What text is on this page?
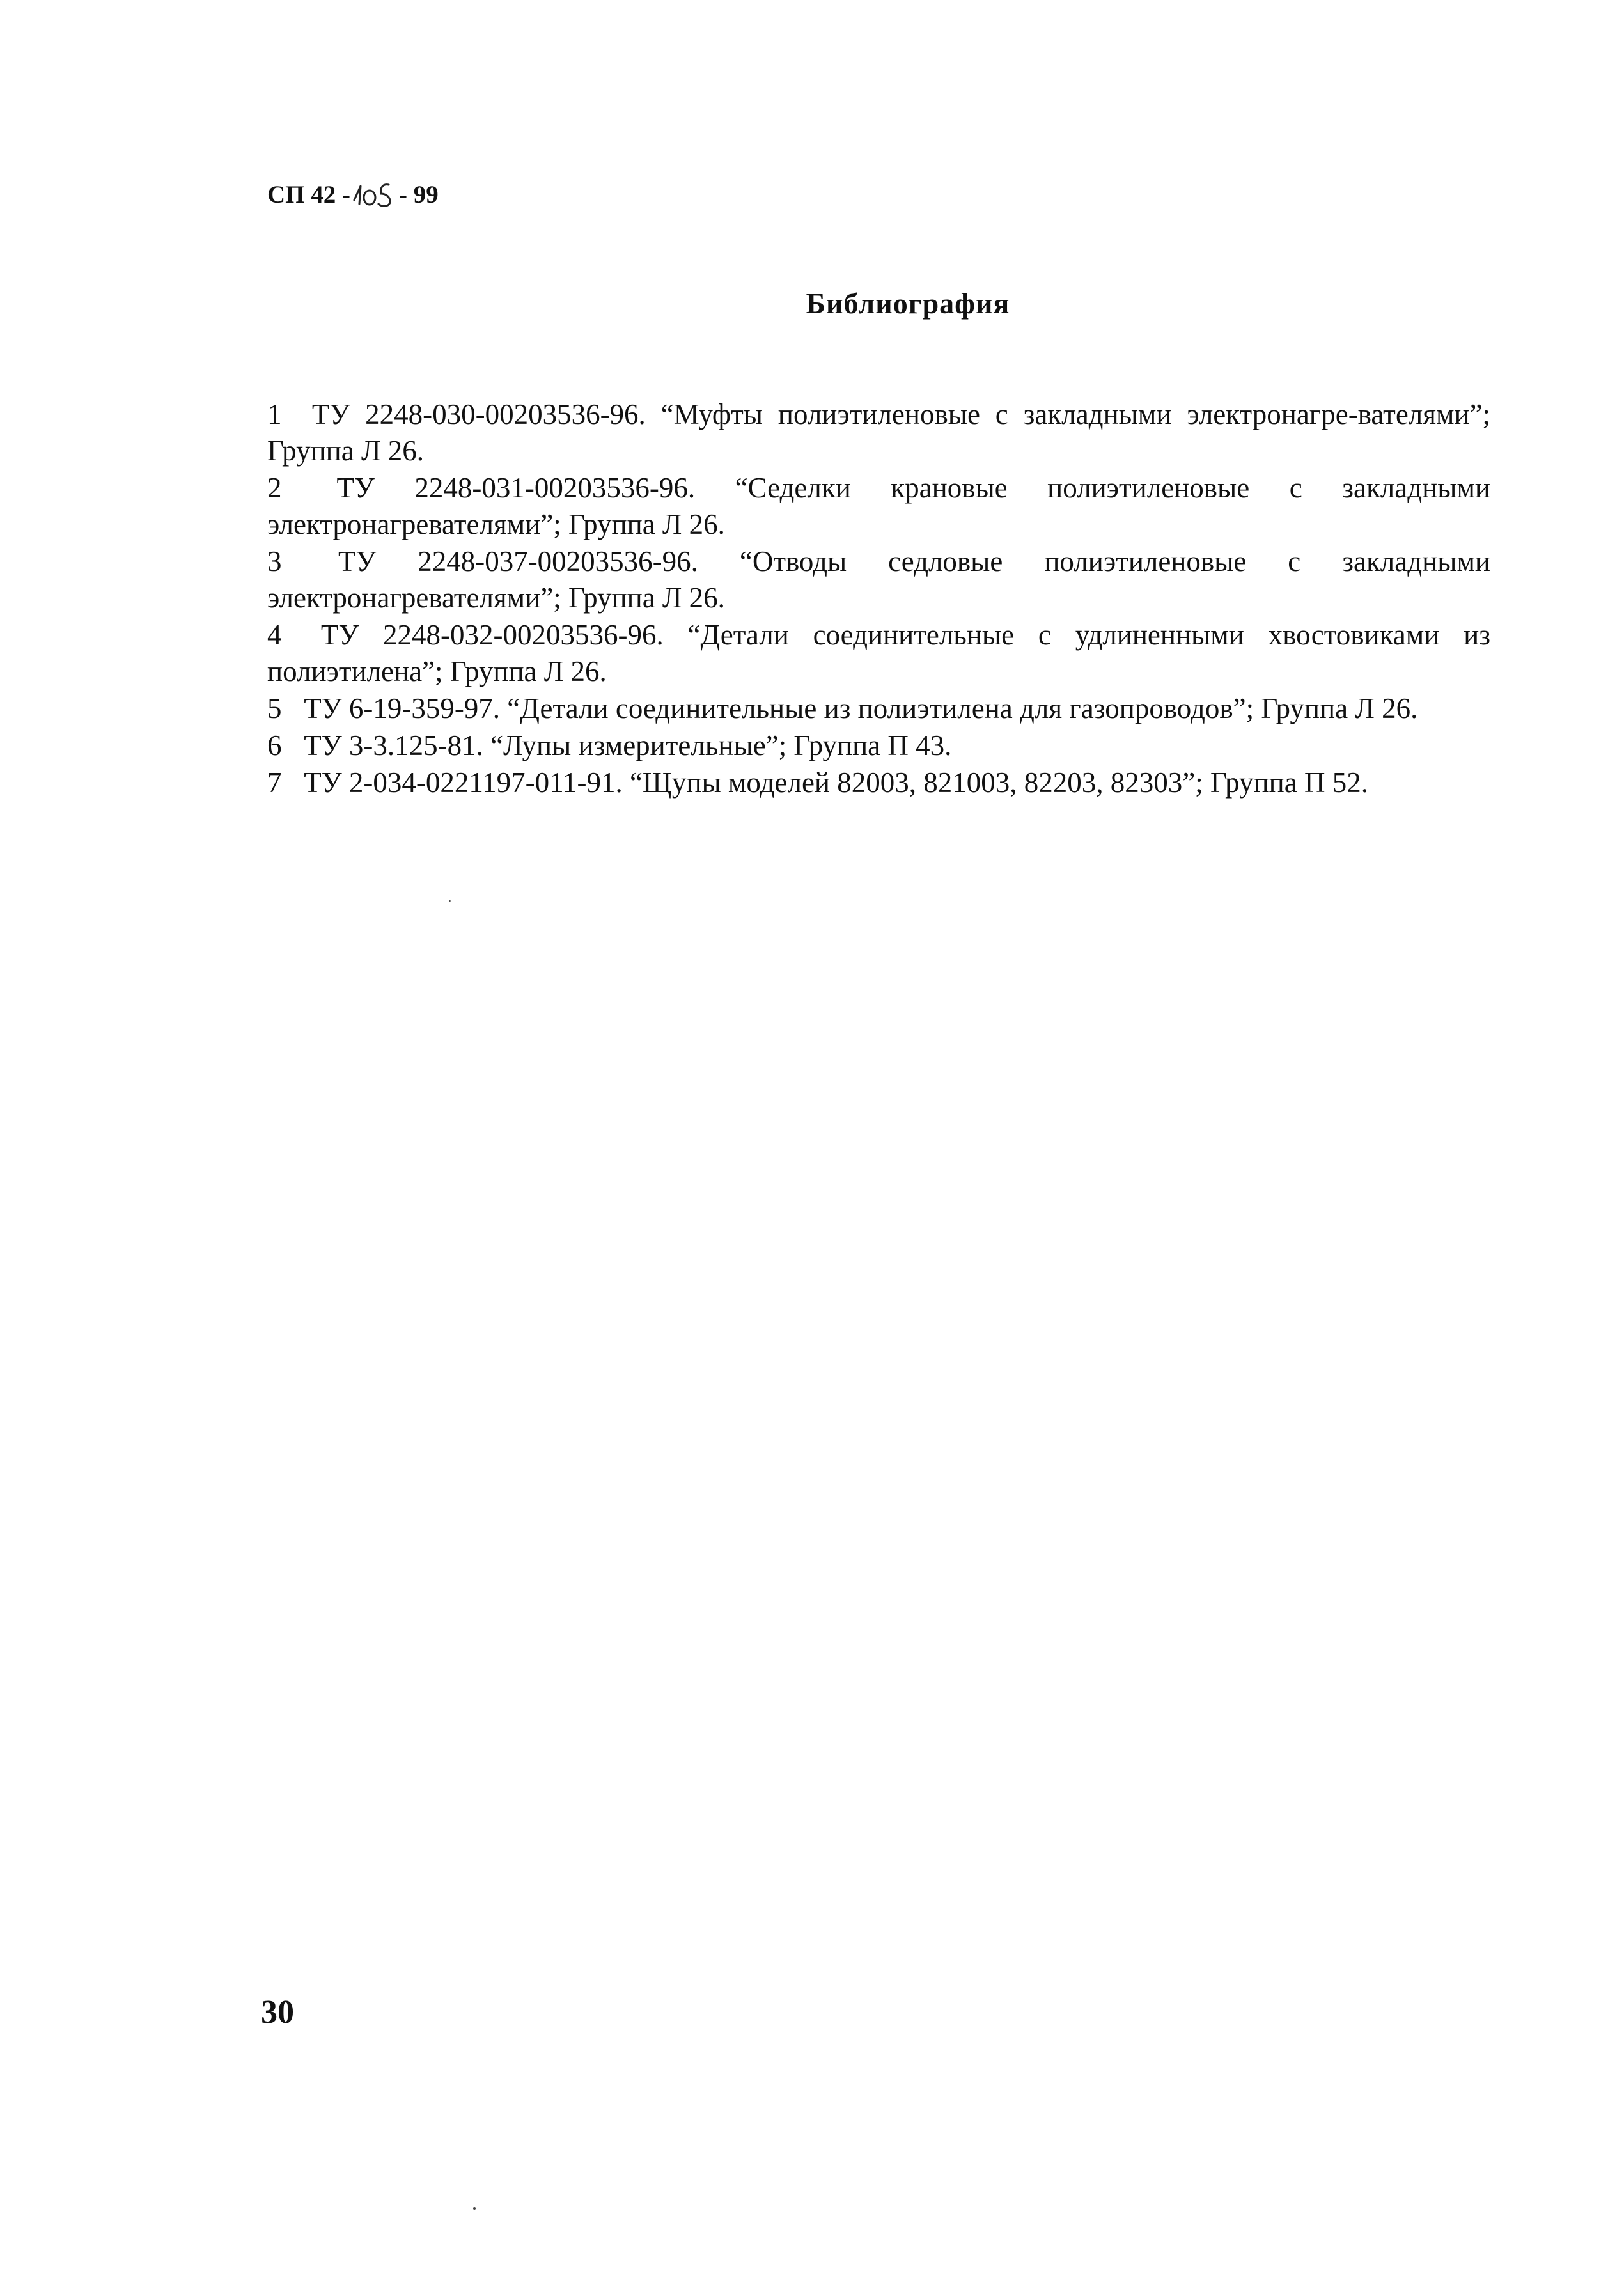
СП 42 - - 99
Библиография
1 ТУ 2248-030-00203536-96. “Муфты полиэтиленовые с закладными электронагре-вателями”; Группа Л 26.
2 ТУ 2248-031-00203536-96. “Седелки крановые полиэтиленовые с закладными электронагревателями”; Группа Л 26.
3 ТУ 2248-037-00203536-96. “Отводы седловые полиэтиленовые с закладными электронагревателями”; Группа Л 26.
4 ТУ 2248-032-00203536-96. “Детали соединительные с удлиненными хвостовиками из полиэтилена”; Группа Л 26.
5 ТУ 6-19-359-97. “Детали соединительные из полиэтилена для газопроводов”; Группа Л 26.
6 ТУ 3-3.125-81. “Лупы измерительные”; Группа П 43.
7 ТУ 2-034-0221197-011-91. “Щупы моделей 82003, 821003, 82203, 82303”; Группа П 52.
30
